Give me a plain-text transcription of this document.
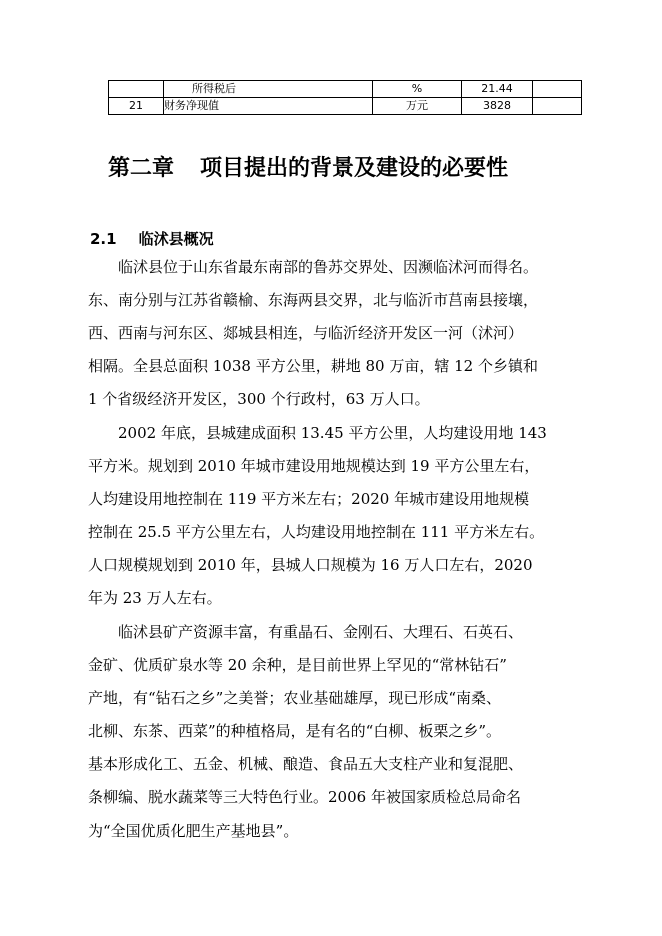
	所得税后	%	21.44	
21	财务净现值	万元	3828	
第二章 项目提出的背景及建设的必要性
2.1 临沭县概况
　　临沭县位于山东省最东南部的鲁苏交界处、因濒临沭河而得名。
东、南分别与江苏省赣榆、东海两县交界，北与临沂市莒南县接壤，
西、西南与河东区、郯城县相连，与临沂经济开发区一河（沭河）
相隔。全县总面积 1038 平方公里，耕地 80 万亩，辖 12 个乡镇和
1 个省级经济开发区，300 个行政村，63 万人口。
　　2002 年底，县城建成面积 13.45 平方公里，人均建设用地 143
平方米。规划到 2010 年城市建设用地规模达到 19 平方公里左右，
人均建设用地控制在 119 平方米左右；2020 年城市建设用地规模
控制在 25.5 平方公里左右，人均建设用地控制在 111 平方米左右。
人口规模规划到 2010 年，县城人口规模为 16 万人口左右，2020
年为 23 万人左右。
　　临沭县矿产资源丰富，有重晶石、金刚石、大理石、石英石、
金矿、优质矿泉水等 20 余种，是目前世界上罕见的“常林钻石”
产地，有“钻石之乡”之美誉；农业基础雄厚，现已形成“南桑、
北柳、东茶、西菜”的种植格局，是有名的“白柳、板栗之乡”。
基本形成化工、五金、机械、酿造、食品五大支柱产业和复混肥、
条柳编、脱水蔬菜等三大特色行业。2006 年被国家质检总局命名
为“全国优质化肥生产基地县”。
